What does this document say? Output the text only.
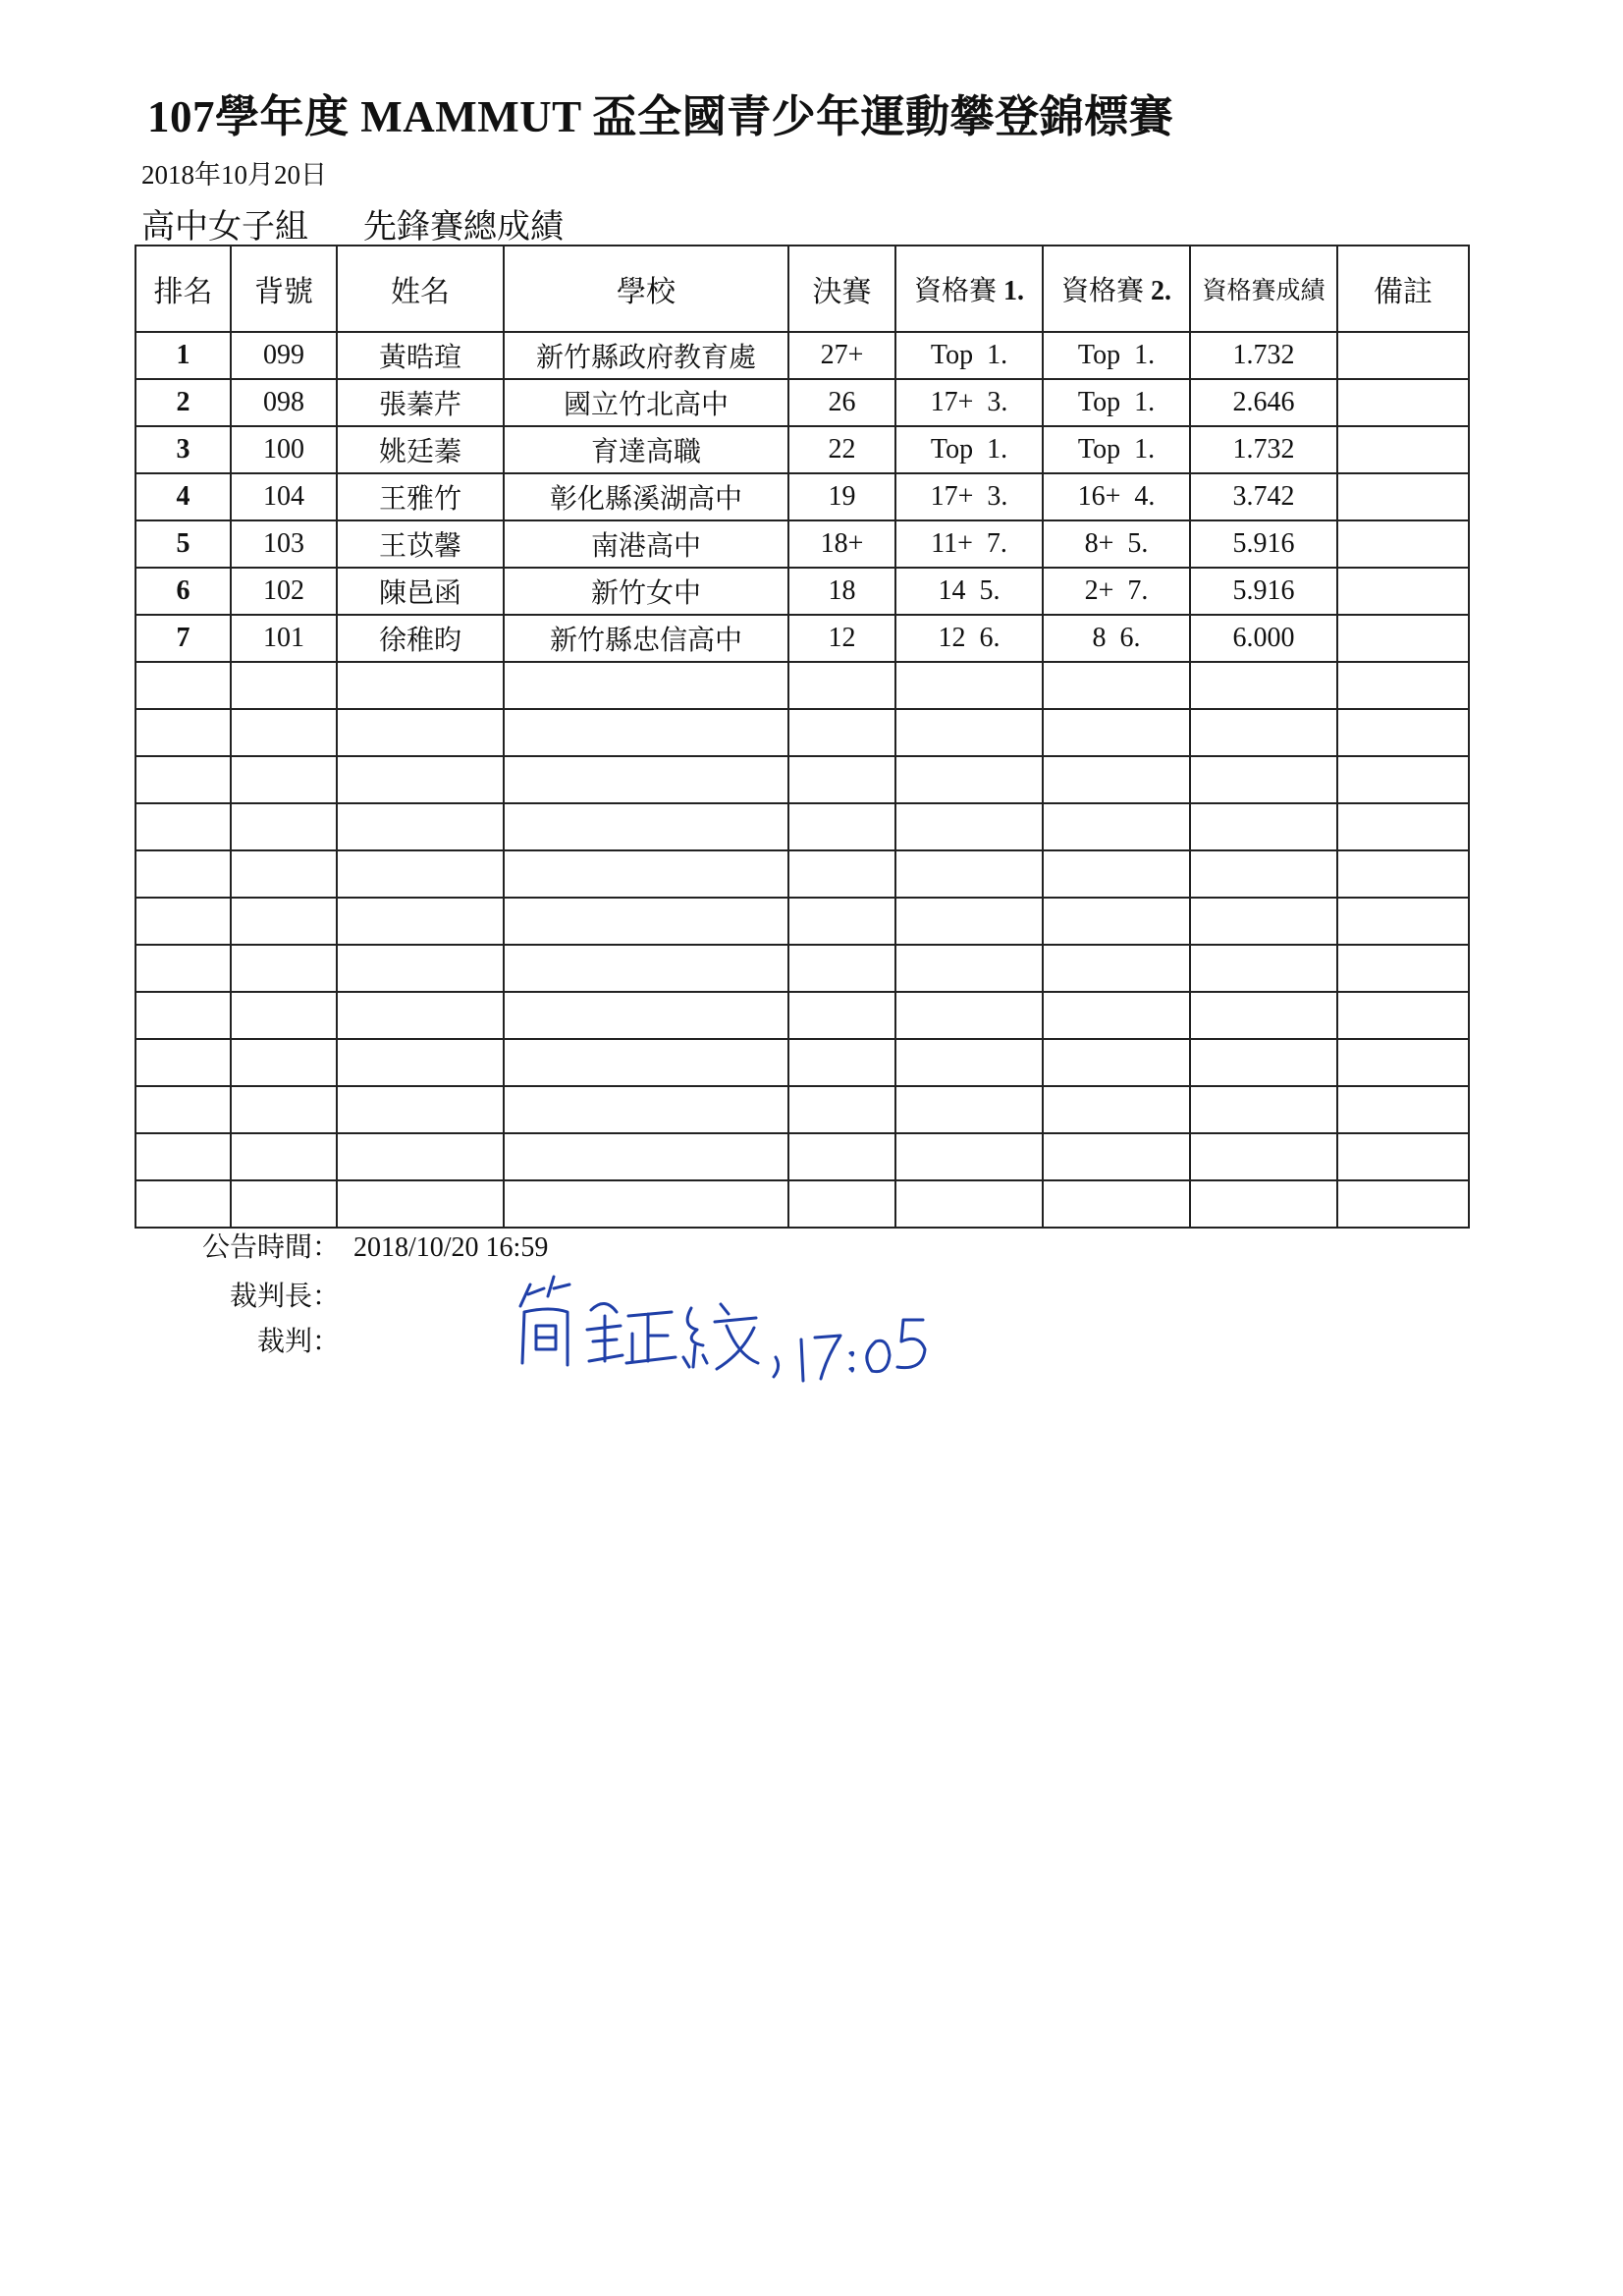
107學年度 MAMMUT 盃全國青少年運動攀登錦標賽
2018年10月20日
高中女子組 先鋒賽總成績
排名	背號	姓名	學校	決賽	資格賽 1.	資格賽 2.	資格賽成績	備註
1	099	黃晧瑄	新竹縣政府教育處	27+	Top 1.	Top 1.	1.732	
2	098	張蓁芹	國立竹北高中	26	17+ 3.	Top 1.	2.646	
3	100	姚廷蓁	育達高職	22	Top 1.	Top 1.	1.732	
4	104	王雅竹	彰化縣溪湖高中	19	17+ 3.	16+ 4.	3.742	
5	103	王苡馨	南港高中	18+	11+ 7.	8+ 5.	5.916	
6	102	陳邑函	新竹女中	18	14 5.	2+ 7.	5.916	
7	101	徐稚昀	新竹縣忠信高中	12	12 6.	8 6.	6.000	

公告時間： 2018/10/20 16:59
裁判長：
裁判：
